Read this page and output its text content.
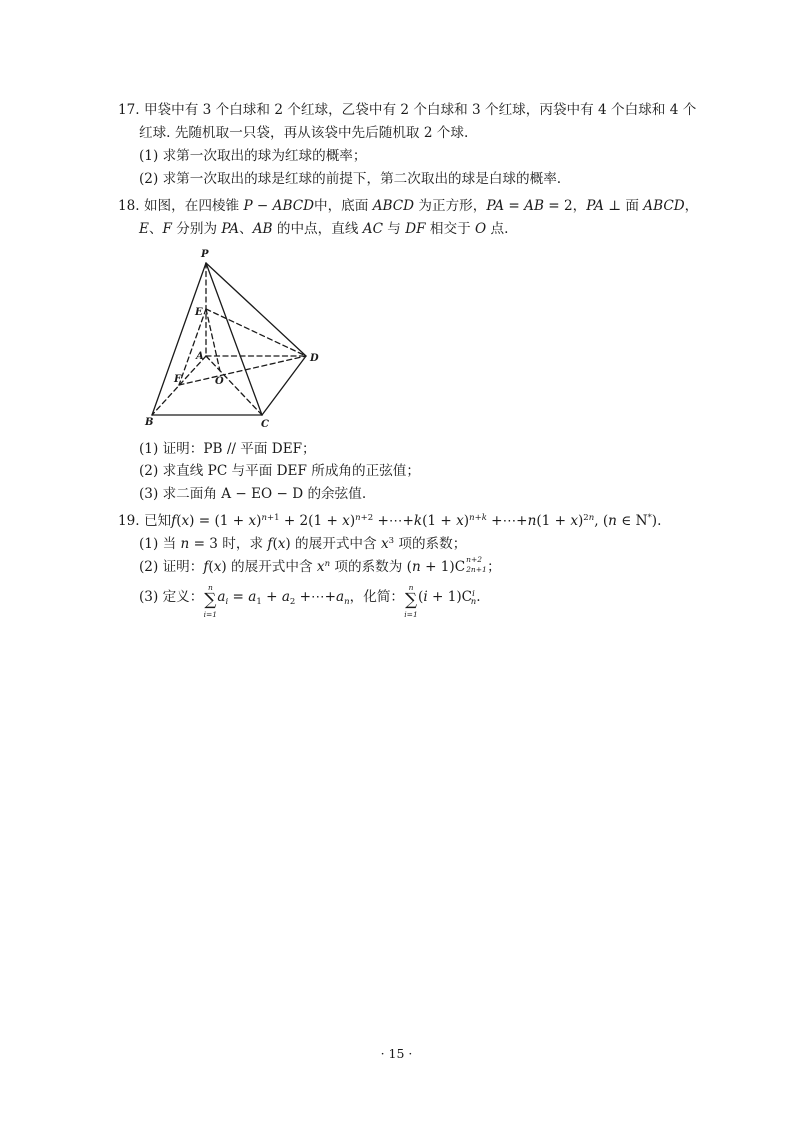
17. 甲袋中有 3 个白球和 2 个红球，乙袋中有 2 个白球和 3 个红球，丙袋中有 4 个白球和 4 个
红球. 先随机取一只袋，再从该袋中先后随机取 2 个球.
(1) 求第一次取出的球为红球的概率；
(2) 求第一次取出的球是红球的前提下，第二次取出的球是白球的概率.
18. 如图，在四棱锥 P − ABCD中，底面 ABCD 为正方形，PA = AB = 2，PA ⊥ 面 ABCD，
E、F 分别为 PA、AB 的中点，直线 AC 与 DF 相交于 O 点.
P
E
A	D
F	O
B	C
(1) 证明：PB // 平面 DEF；
(2) 求直线 PC 与平面 DEF 所成角的正弦值；
(3) 求二面角 A − EO − D 的余弦值.
19. 已知$f(x) = (1 + x)^{n+1} + 2(1 + x)^{n+2}$ +⋯+k(1 + x)$^{n+k}$ +⋯+n(1 + x)$^{2n}$, (n ∈ N*).
(1) 当 n = 3 时，求 f(x) 的展开式中含 $x^3$ 项的系数；
(2) 证明：f(x) 的展开式中含 $x^n$ 项的系数为 (n + 1)C n+2
2n+1 ；
(3) 定义：
n
∑
i=1
$a_i = a_1 + a_2$ $+\cdots+a_n$，化简：
n
∑
i=1
$(i + 1)C^i_n$.
· 15 ·
